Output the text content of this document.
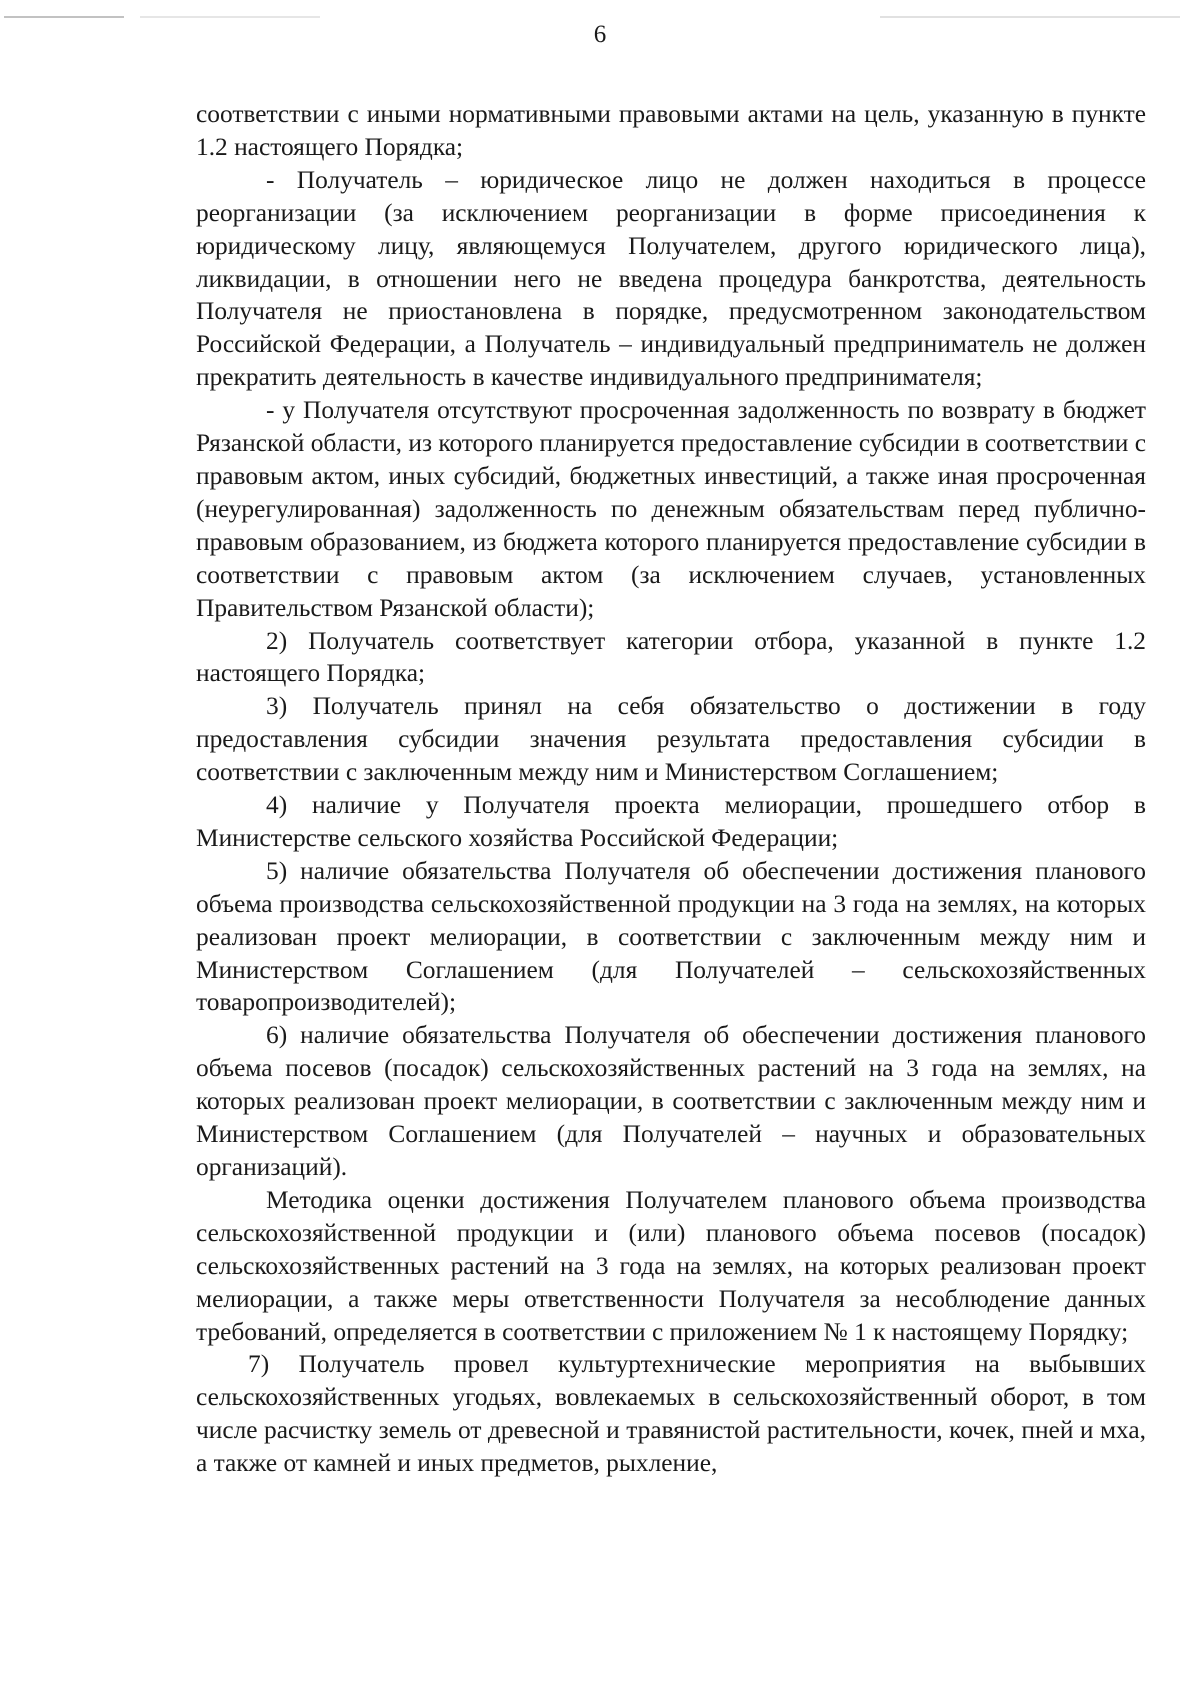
6

соответствии с иными нормативными правовыми актами на цель, указанную в пункте 1.2 настоящего Порядка;

- Получатель – юридическое лицо не должен находиться в процессе реорганизации (за исключением реорганизации в форме присоединения к юридическому лицу, являющемуся Получателем, другого юридического лица), ликвидации, в отношении него не введена процедура банкротства, деятельность Получателя не приостановлена в порядке, предусмотренном законодательством Российской Федерации, а Получатель – индивидуальный предприниматель не должен прекратить деятельность в качестве индивидуального предпринимателя;

- у Получателя отсутствуют просроченная задолженность по возврату в бюджет Рязанской области, из которого планируется предоставление субсидии в соответствии с правовым актом, иных субсидий, бюджетных инвестиций, а также иная просроченная (неурегулированная) задолженность по денежным обязательствам перед публично-правовым образованием, из бюджета которого планируется предоставление субсидии в соответствии с правовым актом (за исключением случаев, установленных Правительством Рязанской области);

2) Получатель соответствует категории отбора, указанной в пункте 1.2 настоящего Порядка;

3) Получатель принял на себя обязательство о достижении в году предоставления субсидии значения результата предоставления субсидии в соответствии с заключенным между ним и Министерством Соглашением;

4) наличие у Получателя проекта мелиорации, прошедшего отбор в Министерстве сельского хозяйства Российской Федерации;

5) наличие обязательства Получателя об обеспечении достижения планового объема производства сельскохозяйственной продукции на 3 года на землях, на которых реализован проект мелиорации, в соответствии с заключенным между ним и Министерством Соглашением (для Получателей – сельскохозяйственных товаропроизводителей);

6) наличие обязательства Получателя об обеспечении достижения планового объема посевов (посадок) сельскохозяйственных растений на 3 года на землях, на которых реализован проект мелиорации, в соответствии с заключенным между ним и Министерством Соглашением (для Получателей – научных и образовательных организаций).

Методика оценки достижения Получателем планового объема производства сельскохозяйственной продукции и (или) планового объема посевов (посадок) сельскохозяйственных растений на 3 года на землях, на которых реализован проект мелиорации, а также меры ответственности Получателя за несоблюдение данных требований, определяется в соответствии с приложением № 1 к настоящему Порядку;

7) Получатель провел культуртехнические мероприятия на выбывших сельскохозяйственных угодьях, вовлекаемых в сельскохозяйственный оборот, в том числе расчистку земель от древесной и травянистой растительности, кочек, пней и мха, а также от камней и иных предметов, рыхление,
